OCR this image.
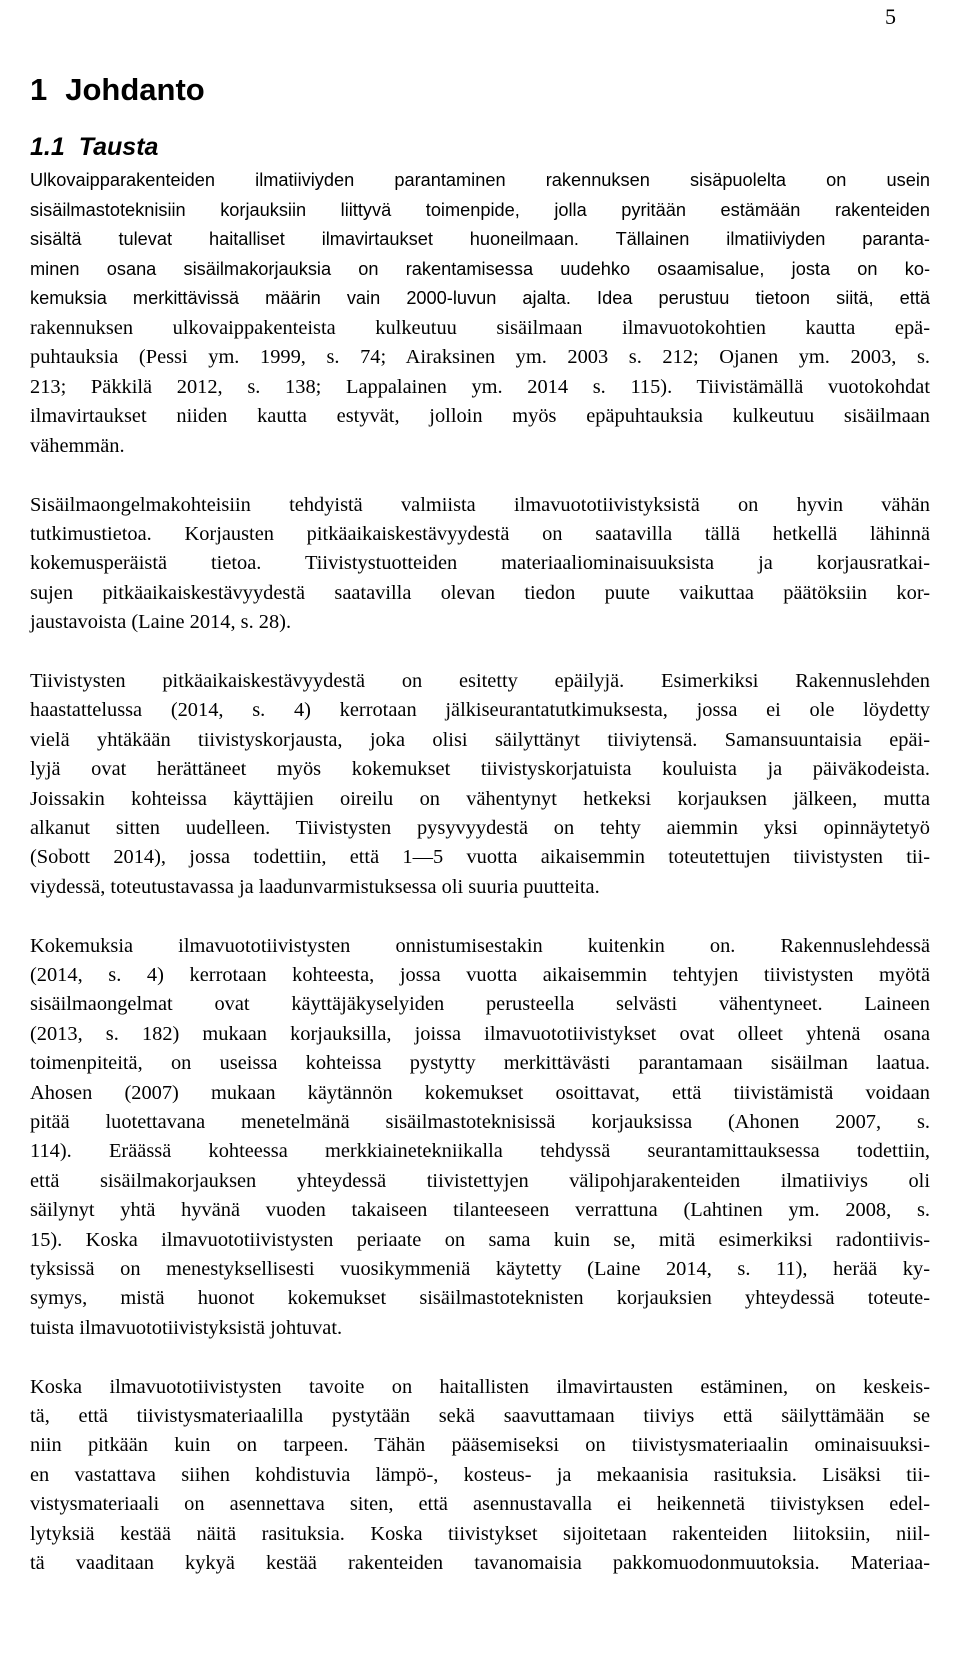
5
1 Johdanto
1.1 Tausta

Ulkovaipparakenteiden ilmatiiviyden parantaminen rakennuksen sisäpuolelta on usein
sisäilmastoteknisiin korjauksiin liittyvä toimenpide, jolla pyritään estämään rakenteiden
sisältä tulevat haitalliset ilmavirtaukset huoneilmaan. Tällainen ilmatiiviyden paranta-
minen osana sisäilmakorjauksia on rakentamisessa uudehko osaamisalue, josta on ko-
kemuksia merkittävissä määrin vain 2000-luvun ajalta. Idea perustuu tietoon siitä, että
rakennuksen ulkovaippakenteista kulkeutuu sisäilmaan ilmavuotokohtien kautta epä-
puhtauksia (Pessi ym. 1999, s. 74; Airaksinen ym. 2003 s. 212; Ojanen ym. 2003, s.
213; Päkkilä 2012, s. 138; Lappalainen ym. 2014 s. 115). Tiivistämällä vuotokohdat
ilmavirtaukset niiden kautta estyvät, jolloin myös epäpuhtauksia kulkeutuu sisäilmaan
vähemmän.

Sisäilmaongelmakohteisiin tehdyistä valmiista ilmavuototiivistyksistä on hyvin vähän
tutkimustietoa. Korjausten pitkäaikaiskestävyydestä on saatavilla tällä hetkellä lähinnä
kokemusperäistä tietoa. Tiivistystuotteiden materiaaliominaisuuksista ja korjausratkai-
sujen pitkäaikaiskestävyydestä saatavilla olevan tiedon puute vaikuttaa päätöksiin kor-
jaustavoista (Laine 2014, s. 28).

Tiivistysten pitkäaikaiskestävyydestä on esitetty epäilyjä. Esimerkiksi Rakennuslehden
haastattelussa (2014, s. 4) kerrotaan jälkiseurantatutkimuksesta, jossa ei ole löydetty
vielä yhtäkään tiivistyskorjausta, joka olisi säilyttänyt tiiviytensä. Samansuuntaisia epäi-
lyjä ovat herättäneet myös kokemukset tiivistyskorjatuista kouluista ja päiväkodeista.
Joissakin kohteissa käyttäjien oireilu on vähentynyt hetkeksi korjauksen jälkeen, mutta
alkanut sitten uudelleen. Tiivistysten pysyvyydestä on tehty aiemmin yksi opinnäytetyö
(Sobott 2014), jossa todettiin, että 1—5 vuotta aikaisemmin toteutettujen tiivistysten tii-
viydessä, toteutustavassa ja laadunvarmistuksessa oli suuria puutteita.

Kokemuksia ilmavuototiivistysten onnistumisestakin kuitenkin on. Rakennuslehdessä
(2014, s. 4) kerrotaan kohteesta, jossa vuotta aikaisemmin tehtyjen tiivistysten myötä
sisäilmaongelmat ovat käyttäjäkyselyiden perusteella selvästi vähentyneet. Laineen
(2013, s. 182) mukaan korjauksilla, joissa ilmavuototiivistykset ovat olleet yhtenä osana
toimenpiteitä, on useissa kohteissa pystytty merkittävästi parantamaan sisäilman laatua.
Ahosen (2007) mukaan käytännön kokemukset osoittavat, että tiivistämistä voidaan
pitää luotettavana menetelmänä sisäilmastoteknisissä korjauksissa (Ahonen 2007, s.
114). Eräässä kohteessa merkkiainetekniikalla tehdyssä seurantamittauksessa todettiin,
että sisäilmakorjauksen yhteydessä tiivistettyjen välipohjarakenteiden ilmatiiviys oli
säilynyt yhtä hyvänä vuoden takaiseen tilanteeseen verrattuna (Lahtinen ym. 2008, s.
15). Koska ilmavuototiivistysten periaate on sama kuin se, mitä esimerkiksi radontiivis-
tyksissä on menestyksellisesti vuosikymmeniä käytetty (Laine 2014, s. 11), herää ky-
symys, mistä huonot kokemukset sisäilmastoteknisten korjauksien yhteydessä toteute-
tuista ilmavuototiivistyksistä johtuvat.

Koska ilmavuototiivistysten tavoite on haitallisten ilmavirtausten estäminen, on keskeis-
tä, että tiivistysmateriaalilla pystytään sekä saavuttamaan tiiviys että säilyttämään se
niin pitkään kuin on tarpeen. Tähän pääsemiseksi on tiivistysmateriaalin ominaisuuksi-
en vastattava siihen kohdistuvia lämpö-, kosteus- ja mekaanisia rasituksia. Lisäksi tii-
vistysmateriaali on asennettava siten, että asennustavalla ei heikennetä tiivistyksen edel-
lytyksiä kestää näitä rasituksia. Koska tiivistykset sijoitetaan rakenteiden liitoksiin, niil-
tä vaaditaan kykyä kestää rakenteiden tavanomaisia pakkomuodonmuutoksia. Materiaa-
